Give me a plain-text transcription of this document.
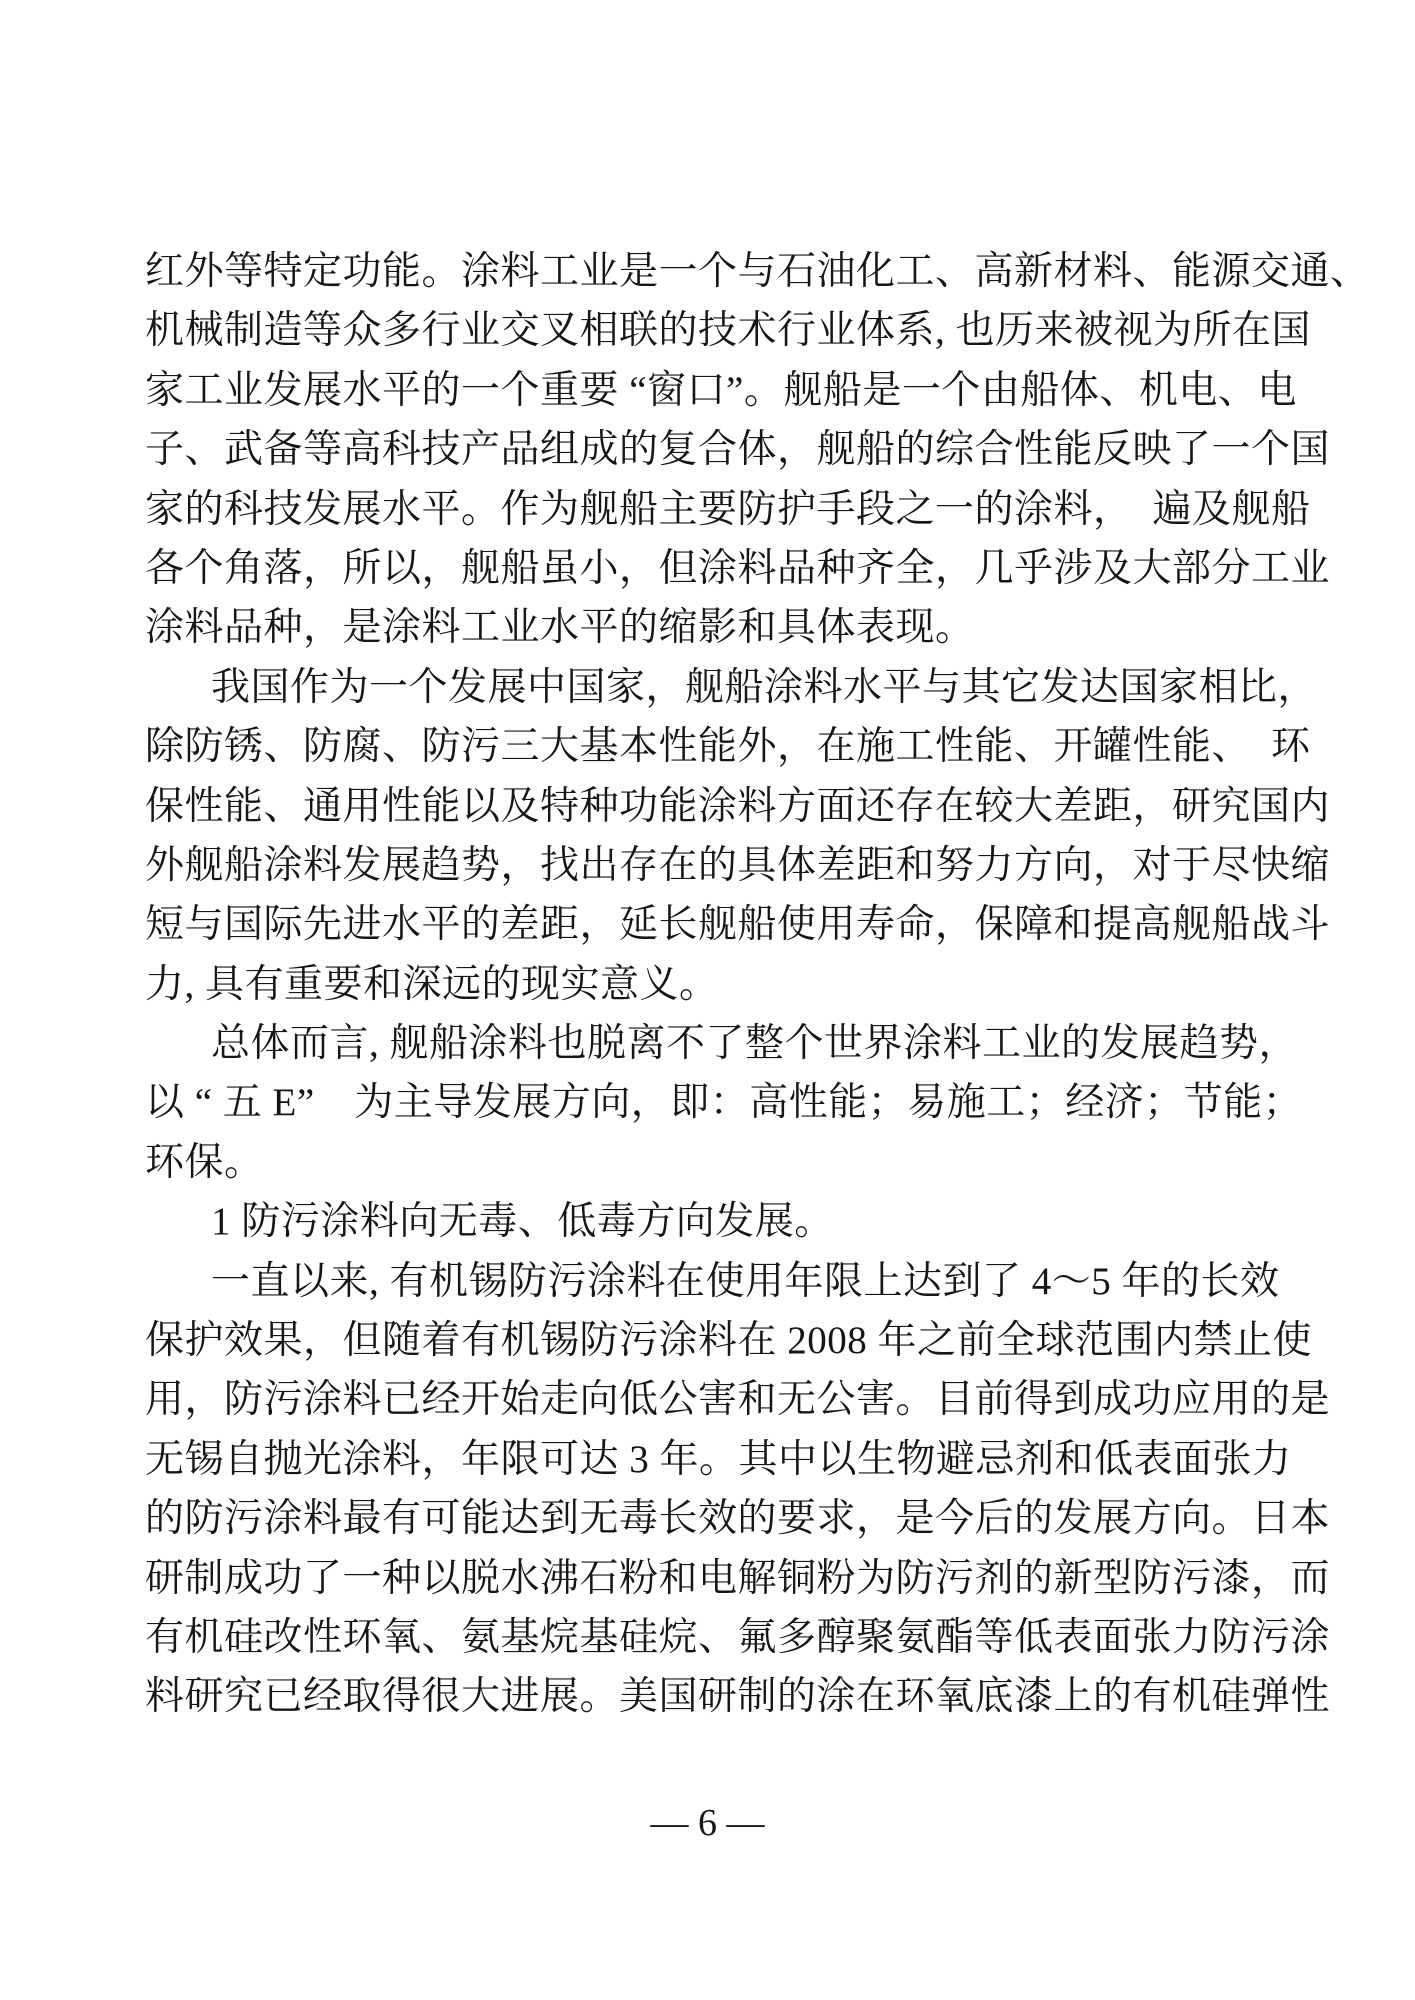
红外等特定功能。涂料工业是一个与石油化工、高新材料、能源交通、
机械制造等众多行业交叉相联的技术行业体系, 也历来被视为所在国
家工业发展水平的一个重要 “窗口”。舰船是一个由船体、机电、电
子、武备等高科技产品组成的复合体，舰船的综合性能反映了一个国
家的科技发展水平。作为舰船主要防护手段之一的涂料，　遍及舰船
各个角落，所以，舰船虽小，但涂料品种齐全，几乎涉及大部分工业
涂料品种，是涂料工业水平的缩影和具体表现。
我国作为一个发展中国家，舰船涂料水平与其它发达国家相比，
除防锈、防腐、防污三大基本性能外，在施工性能、开罐性能、　环
保性能、通用性能以及特种功能涂料方面还存在较大差距，研究国内
外舰船涂料发展趋势，找出存在的具体差距和努力方向，对于尽快缩
短与国际先进水平的差距，延长舰船使用寿命，保障和提高舰船战斗
力, 具有重要和深远的现实意义。
总体而言, 舰船涂料也脱离不了整个世界涂料工业的发展趋势，
以 “ 五 E”　为主导发展方向，即：高性能；易施工；经济；节能；
环保。
1 防污涂料向无毒、低毒方向发展。
一直以来, 有机锡防污涂料在使用年限上达到了 4～5 年的长效
保护效果，但随着有机锡防污涂料在 2008 年之前全球范围内禁止使
用，防污涂料已经开始走向低公害和无公害。目前得到成功应用的是
无锡自抛光涂料，年限可达 3 年。其中以生物避忌剂和低表面张力
的防污涂料最有可能达到无毒长效的要求，是今后的发展方向。日本
研制成功了一种以脱水沸石粉和电解铜粉为防污剂的新型防污漆，而
有机硅改性环氧、氨基烷基硅烷、氟多醇聚氨酯等低表面张力防污涂
料研究已经取得很大进展。美国研制的涂在环氧底漆上的有机硅弹性
— 6 —
